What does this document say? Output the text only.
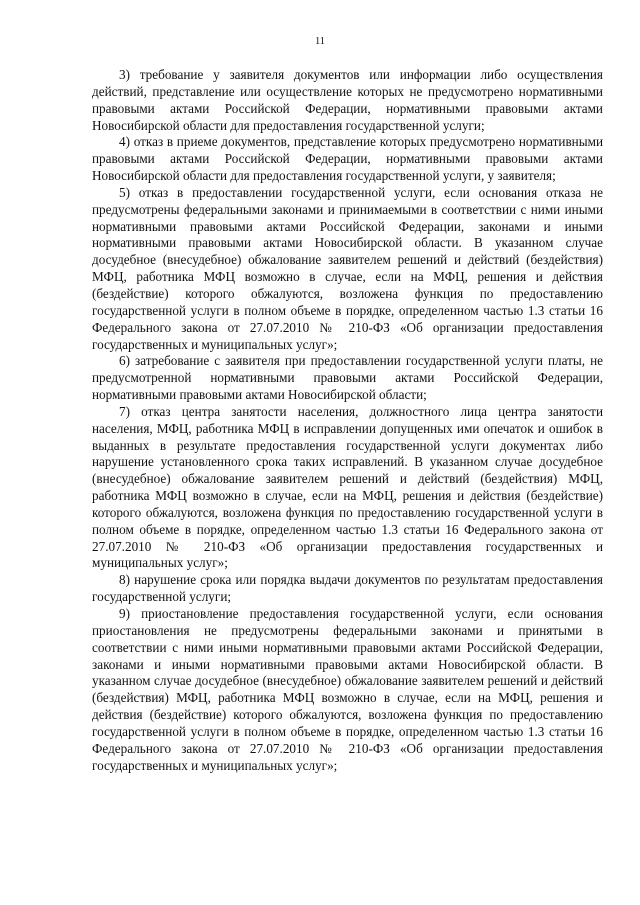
11

3) требование у заявителя документов или информации либо осуществления действий, представление или осуществление которых не предусмотрено нормативными правовыми актами Российской Федерации, нормативными правовыми актами Новосибирской области для предоставления государственной услуги;

4) отказ в приеме документов, представление которых предусмотрено нормативными правовыми актами Российской Федерации, нормативными правовыми актами Новосибирской области для предоставления государственной услуги, у заявителя;

5) отказ в предоставлении государственной услуги, если основания отказа не предусмотрены федеральными законами и принимаемыми в соответствии с ними иными нормативными правовыми актами Российской Федерации, законами и иными нормативными правовыми актами Новосибирской области. В указанном случае досудебное (внесудебное) обжалование заявителем решений и действий (бездействия) МФЦ, работника МФЦ возможно в случае, если на МФЦ, решения и действия (бездействие) которого обжалуются, возложена функция по предоставлению государственной услуги в полном объеме в порядке, определенном частью 1.3 статьи 16 Федерального закона от 27.07.2010 № 210-ФЗ «Об организации предоставления государственных и муниципальных услуг»;

6) затребование с заявителя при предоставлении государственной услуги платы, не предусмотренной нормативными правовыми актами Российской Федерации, нормативными правовыми актами Новосибирской области;

7) отказ центра занятости населения, должностного лица центра занятости населения, МФЦ, работника МФЦ в исправлении допущенных ими опечаток и ошибок в выданных в результате предоставления государственной услуги документах либо нарушение установленного срока таких исправлений. В указанном случае досудебное (внесудебное) обжалование заявителем решений и действий (бездействия) МФЦ, работника МФЦ возможно в случае, если на МФЦ, решения и действия (бездействие) которого обжалуются, возложена функция по предоставлению государственной услуги в полном объеме в порядке, определенном частью 1.3 статьи 16 Федерального закона от 27.07.2010 № 210-ФЗ «Об организации предоставления государственных и муниципальных услуг»;

8) нарушение срока или порядка выдачи документов по результатам предоставления государственной услуги;

9) приостановление предоставления государственной услуги, если основания приостановления не предусмотрены федеральными законами и принятыми в соответствии с ними иными нормативными правовыми актами Российской Федерации, законами и иными нормативными правовыми актами Новосибирской области. В указанном случае досудебное (внесудебное) обжалование заявителем решений и действий (бездействия) МФЦ, работника МФЦ возможно в случае, если на МФЦ, решения и действия (бездействие) которого обжалуются, возложена функция по предоставлению государственной услуги в полном объеме в порядке, определенном частью 1.3 статьи 16 Федерального закона от 27.07.2010 № 210-ФЗ «Об организации предоставления государственных и муниципальных услуг»;
